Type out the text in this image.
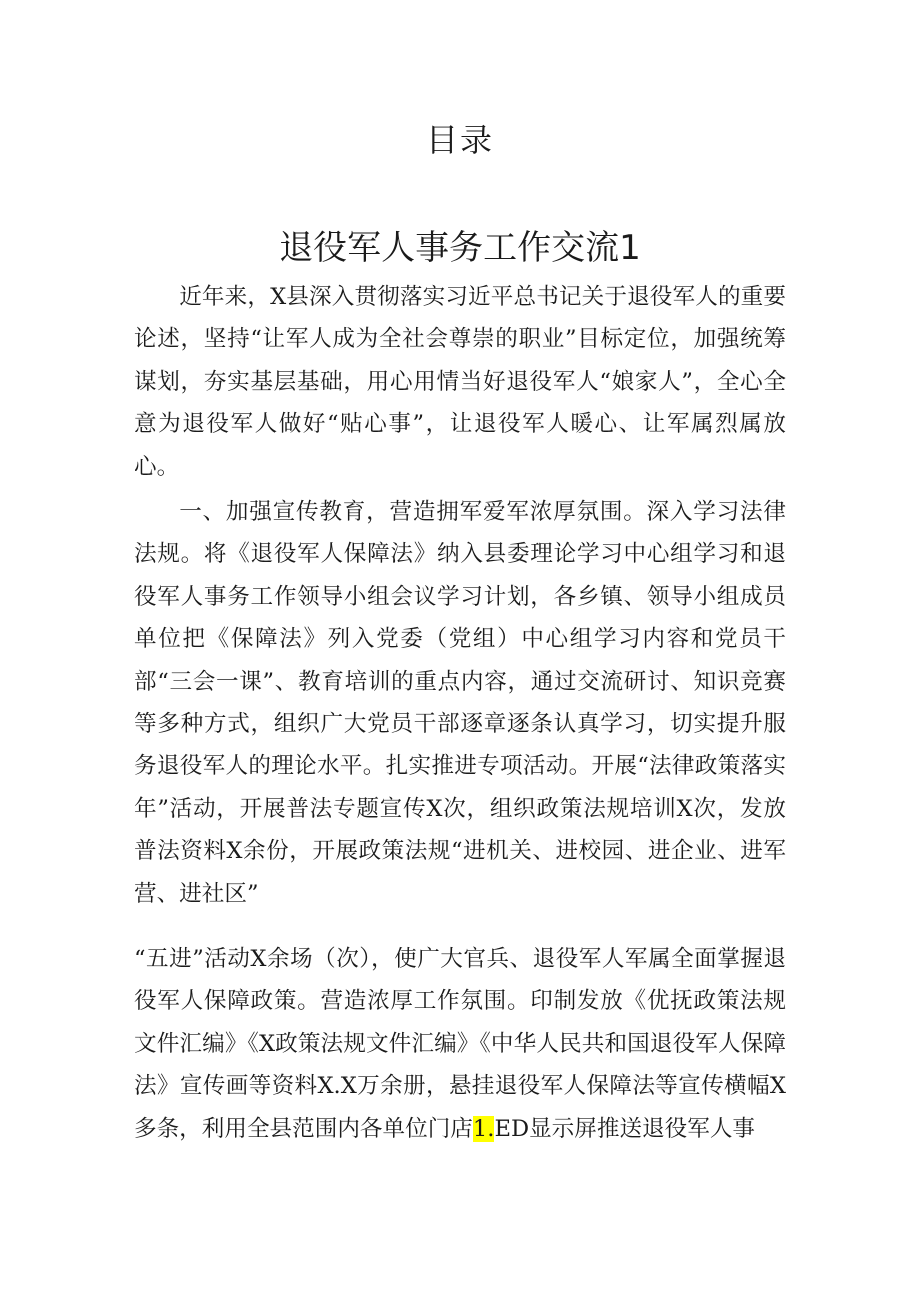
目录
退役军人事务工作交流1

近年来，X县深入贯彻落实习近平总书记关于退役军人的重要论述，坚持“让军人成为全社会尊崇的职业”目标定位，加强统筹谋划，夯实基层基础，用心用情当好退役军人“娘家人”，全心全意为退役军人做好“贴心事”，让退役军人暖心、让军属烈属放心。

一、加强宣传教育，营造拥军爱军浓厚氛围。深入学习法律法规。将《退役军人保障法》纳入县委理论学习中心组学习和退役军人事务工作领导小组会议学习计划，各乡镇、领导小组成员单位把《保障法》列入党委（党组）中心组学习内容和党员干部“三会一课”、教育培训的重点内容，通过交流研讨、知识竞赛等多种方式，组织广大党员干部逐章逐条认真学习，切实提升服务退役军人的理论水平。扎实推进专项活动。开展“法律政策落实年”活动，开展普法专题宣传X次，组织政策法规培训X次，发放普法资料X余份，开展政策法规“进机关、进校园、进企业、进军营、进社区”

“五进”活动X余场（次），使广大官兵、退役军人军属全面掌握退役军人保障政策。营造浓厚工作氛围。印制发放《优抚政策法规文件汇编》《X政策法规文件汇编》《中华人民共和国退役军人保障法》宣传画等资料X.X万余册，悬挂退役军人保障法等宣传横幅X多条，利用全县范围内各单位门店1.ED显示屏推送退役军人事
